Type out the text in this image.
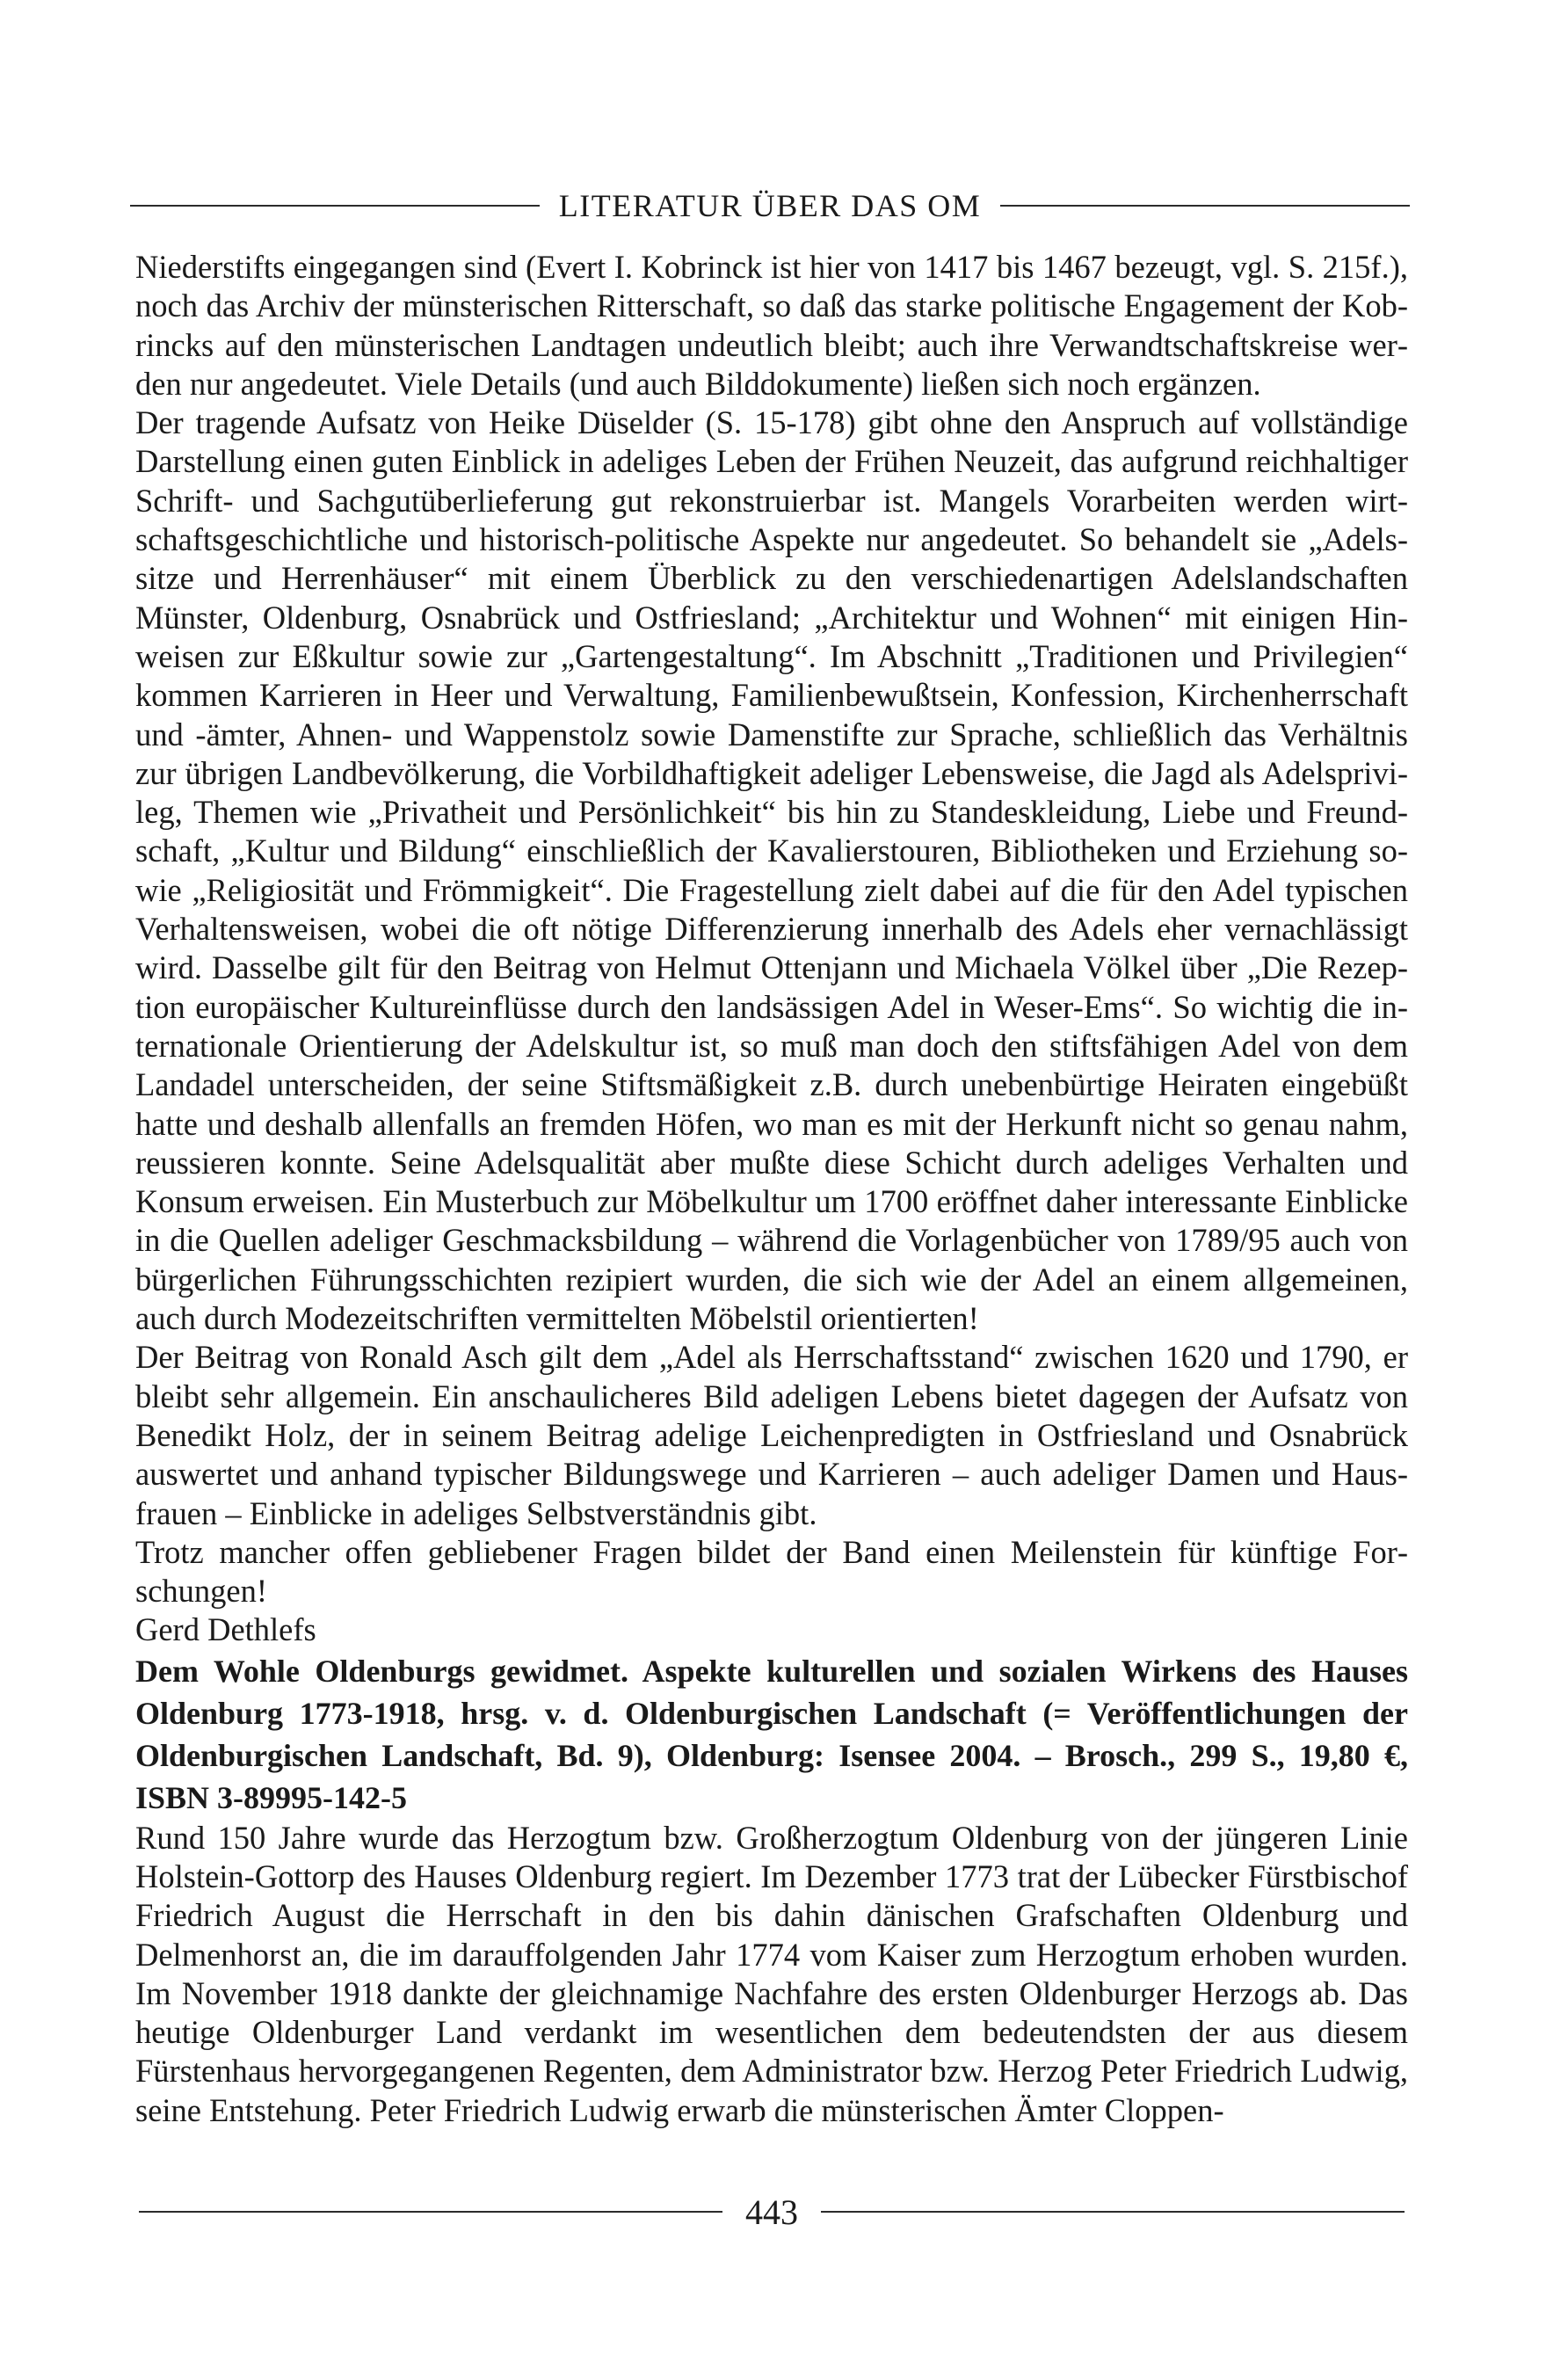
LITERATUR ÜBER DAS OM

Niederstifts eingegangen sind (Evert I. Kobrinck ist hier von 1417 bis 1467 bezeugt, vgl. S. 215f.), noch das Archiv der münsterischen Ritterschaft, so daß das starke politische Engagement der Kobrincks auf den münsterischen Landtagen undeutlich bleibt; auch ihre Verwandtschaftskreise werden nur angedeutet. Viele Details (und auch Bilddokumente) ließen sich noch ergänzen.

Der tragende Aufsatz von Heike Düselder (S. 15-178) gibt ohne den Anspruch auf vollständige Darstellung einen guten Einblick in adeliges Leben der Frühen Neuzeit, das aufgrund reichhaltiger Schrift- und Sachgutüberlieferung gut rekonstruierbar ist. Mangels Vorarbeiten werden wirtschaftsgeschichtliche und historisch-politische Aspekte nur angedeutet. So behandelt sie „Adelssitze und Herrenhäuser“ mit einem Überblick zu den verschiedenartigen Adelslandschaften Münster, Oldenburg, Osnabrück und Ostfriesland; „Architektur und Wohnen“ mit einigen Hinweisen zur Eßkultur sowie zur „Gartengestaltung“. Im Abschnitt „Traditionen und Privilegien“ kommen Karrieren in Heer und Verwaltung, Familienbewußtsein, Konfession, Kirchenherrschaft und -ämter, Ahnen- und Wappenstolz sowie Damenstifte zur Sprache, schließlich das Verhältnis zur übrigen Landbevölkerung, die Vorbildhaftigkeit adeliger Lebensweise, die Jagd als Adelsprivileg, Themen wie „Privatheit und Persönlichkeit“ bis hin zu Standeskleidung, Liebe und Freundschaft, „Kultur und Bildung“ einschließlich der Kavalierstouren, Bibliotheken und Erziehung sowie „Religiosität und Frömmigkeit“. Die Fragestellung zielt dabei auf die für den Adel typischen Verhaltensweisen, wobei die oft nötige Differenzierung innerhalb des Adels eher vernachlässigt wird. Dasselbe gilt für den Beitrag von Helmut Ottenjann und Michaela Völkel über „Die Rezeption europäischer Kultureinflüsse durch den landsässigen Adel in Weser-Ems“. So wichtig die internationale Orientierung der Adelskultur ist, so muß man doch den stiftsfähigen Adel von dem Landadel unterscheiden, der seine Stiftsmäßigkeit z.B. durch unebenbürtige Heiraten eingebüßt hatte und deshalb allenfalls an fremden Höfen, wo man es mit der Herkunft nicht so genau nahm, reussieren konnte. Seine Adelsqualität aber mußte diese Schicht durch adeliges Verhalten und Konsum erweisen. Ein Musterbuch zur Möbelkultur um 1700 eröffnet daher interessante Einblicke in die Quellen adeliger Geschmacksbildung – während die Vorlagenbücher von 1789/95 auch von bürgerlichen Führungsschichten rezipiert wurden, die sich wie der Adel an einem allgemeinen, auch durch Modezeitschriften vermittelten Möbelstil orientierten!

Der Beitrag von Ronald Asch gilt dem „Adel als Herrschaftsstand“ zwischen 1620 und 1790, er bleibt sehr allgemein. Ein anschaulicheres Bild adeligen Lebens bietet dagegen der Aufsatz von Benedikt Holz, der in seinem Beitrag adelige Leichenpredigten in Ostfriesland und Osnabrück auswertet und anhand typischer Bildungswege und Karrieren – auch adeliger Damen und Hausfrauen – Einblicke in adeliges Selbstverständnis gibt.

Trotz mancher offen gebliebener Fragen bildet der Band einen Meilenstein für künftige Forschungen!

Gerd Dethlefs

Dem Wohle Oldenburgs gewidmet. Aspekte kulturellen und sozialen Wirkens des Hauses Oldenburg 1773-1918, hrsg. v. d. Oldenburgischen Landschaft (= Veröffentlichungen der Oldenburgischen Landschaft, Bd. 9), Oldenburg: Isensee 2004. – Brosch., 299 S., 19,80 €, ISBN 3-89995-142-5

Rund 150 Jahre wurde das Herzogtum bzw. Großherzogtum Oldenburg von der jüngeren Linie Holstein-Gottorp des Hauses Oldenburg regiert. Im Dezember 1773 trat der Lübecker Fürstbischof Friedrich August die Herrschaft in den bis dahin dänischen Grafschaften Oldenburg und Delmenhorst an, die im darauffolgenden Jahr 1774 vom Kaiser zum Herzogtum erhoben wurden. Im November 1918 dankte der gleichnamige Nachfahre des ersten Oldenburger Herzogs ab. Das heutige Oldenburger Land verdankt im wesentlichen dem bedeutendsten der aus diesem Fürstenhaus hervorgegangenen Regenten, dem Administrator bzw. Herzog Peter Friedrich Ludwig, seine Entstehung. Peter Friedrich Ludwig erwarb die münsterischen Ämter Cloppen-

443
